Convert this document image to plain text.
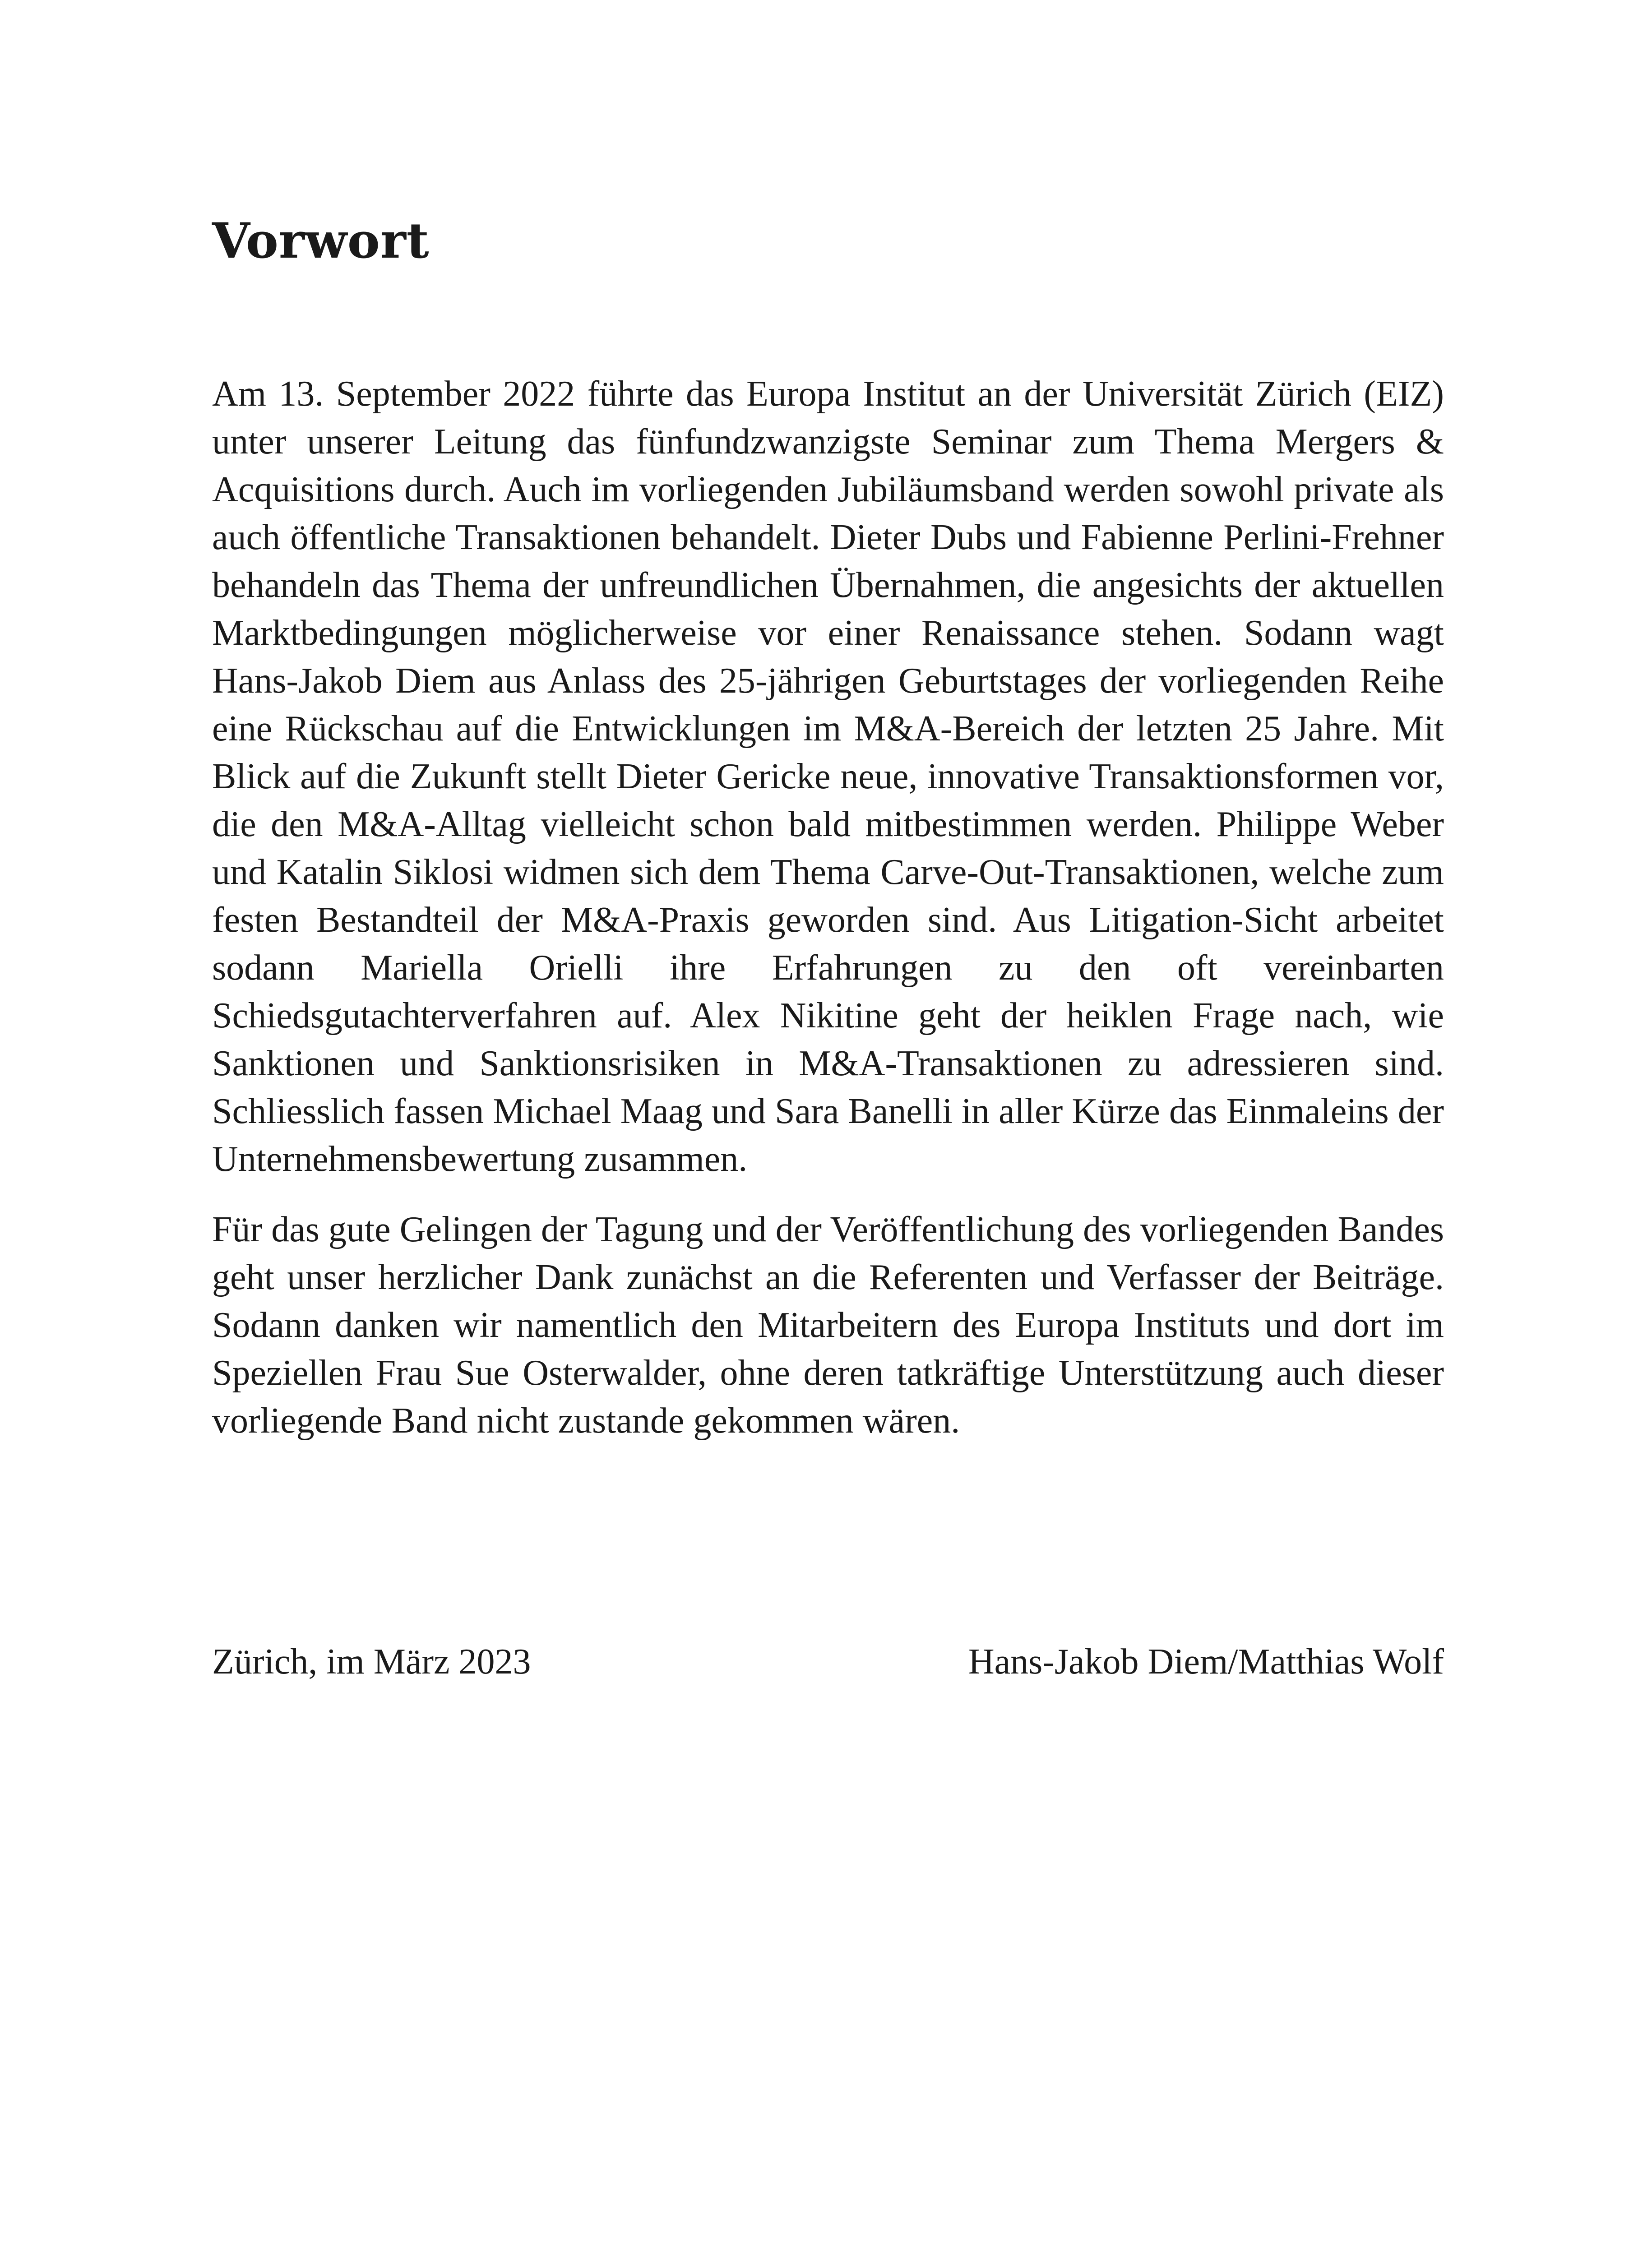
Vorwort

Am 13. September 2022 führte das Europa Institut an der Universität Zürich (EIZ) unter unserer Leitung das fünfundzwanzigste Seminar zum Thema Mergers & Acquisitions durch. Auch im vorliegenden Jubiläumsband werden sowohl private als auch öffentliche Transaktionen behandelt. Dieter Dubs und Fabienne Perlini-Frehner behandeln das Thema der unfreundlichen Übernahmen, die angesichts der aktuellen Marktbedingungen möglicherweise vor einer Renaissance stehen. Sodann wagt Hans-Jakob Diem aus Anlass des 25-jährigen Geburtstages der vorliegenden Reihe eine Rückschau auf die Entwicklungen im M&A-Bereich der letzten 25 Jahre. Mit Blick auf die Zukunft stellt Dieter Gericke neue, innovative Transaktionsformen vor, die den M&A-Alltag vielleicht schon bald mitbestimmen werden. Philippe Weber und Katalin Siklosi widmen sich dem Thema Carve-Out-Transaktionen, welche zum festen Bestandteil der M&A-Praxis geworden sind. Aus Litigation-Sicht arbeitet sodann Mariella Orielli ihre Erfahrungen zu den oft vereinbarten Schiedsgutachterverfahren auf. Alex Nikitine geht der heiklen Frage nach, wie Sanktionen und Sanktionsrisiken in M&A-Transaktionen zu adressieren sind. Schliesslich fassen Michael Maag und Sara Banelli in aller Kürze das Einmaleins der Unternehmensbewertung zusammen.

Für das gute Gelingen der Tagung und der Veröffentlichung des vorliegenden Bandes geht unser herzlicher Dank zunächst an die Referenten und Verfasser der Beiträge. Sodann danken wir namentlich den Mitarbeitern des Europa Instituts und dort im Speziellen Frau Sue Osterwalder, ohne deren tatkräftige Unterstützung auch dieser vorliegende Band nicht zustande gekommen wären.

Zürich, im März 2023	Hans-Jakob Diem/Matthias Wolf
